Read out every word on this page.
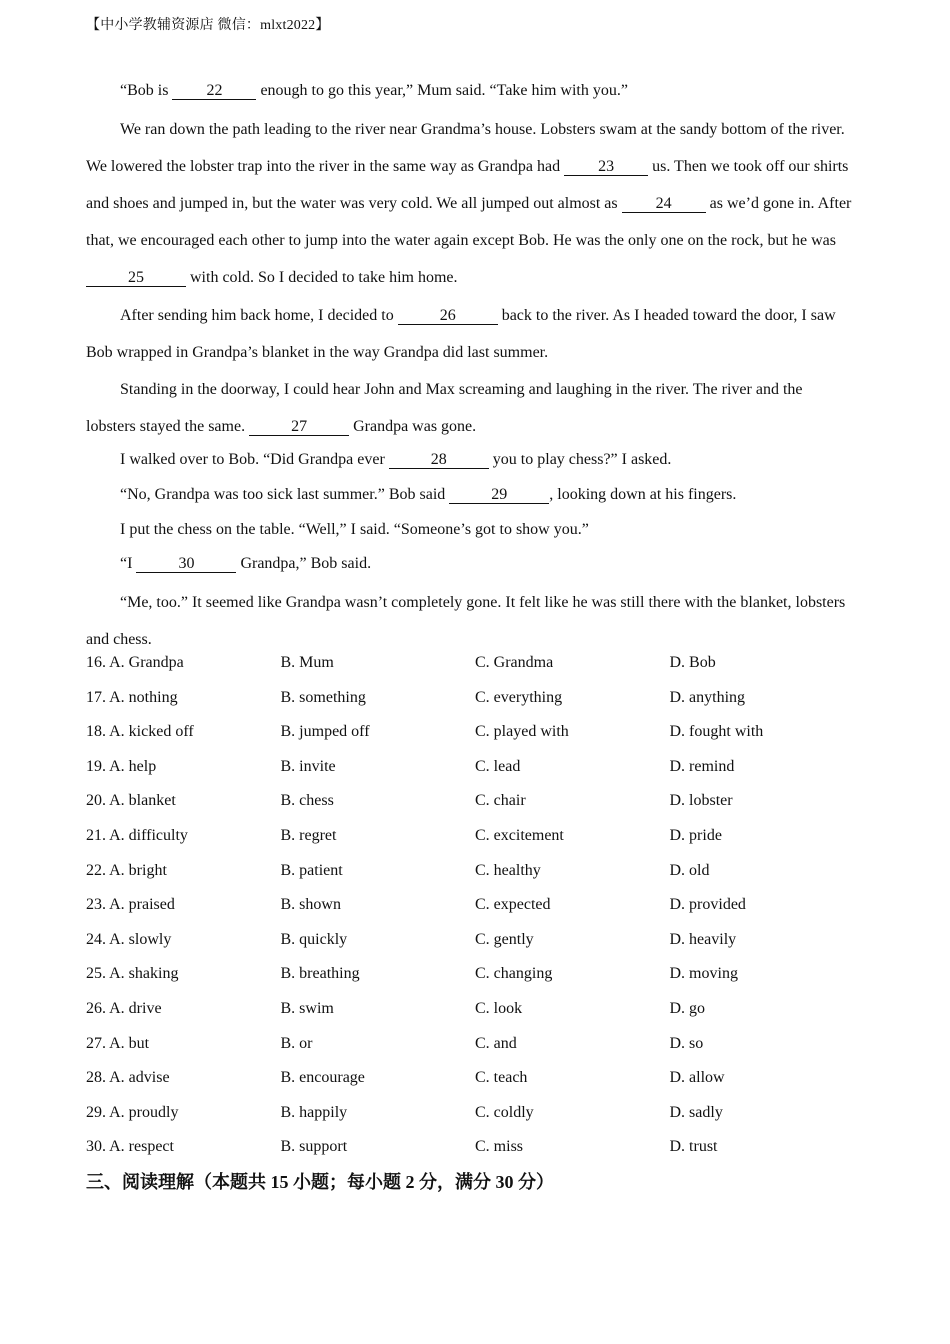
【中小学教辅资源店 微信：mlxt2022】

“Bob is 22 enough to go this year,” Mum said. “Take him with you.”

We ran down the path leading to the river near Grandma’s house. Lobsters swam at the sandy bottom of the river. We lowered the lobster trap into the river in the same way as Grandpa had 23 us. Then we took off our shirts and shoes and jumped in, but the water was very cold. We all jumped out almost as 24 as we’d gone in. After that, we encouraged each other to jump into the water again except Bob. He was the only one on the rock, but he was 25	with cold. So I decided to take him home.

After sending him back home, I decided to	26	back to the river. As I headed toward the door, I saw Bob wrapped in Grandpa’s blanket in the way Grandpa did last summer.

Standing in the doorway, I could hear John and Max screaming and laughing in the river. The river and the lobsters stayed the same.	27	Grandpa was gone.

I walked over to Bob. “Did Grandpa ever	28	you to play chess?” I asked.

“No, Grandpa was too sick last summer.” Bob said	29	, looking down at his fingers.

I put the chess on the table. “Well,” I said. “Someone’s got to show you.”

“I	30	Grandpa,” Bob said.

“Me, too.” It seemed like Grandpa wasn’t completely gone. It felt like he was still there with the blanket, lobsters and chess.

16. A. Grandpa	B. Mum	C. Grandma	D. Bob
17. A. nothing	B. something	C. everything	D. anything
18. A. kicked off	B. jumped off	C. played with	D. fought with
19. A. help	B. invite	C. lead	D. remind
20. A. blanket	B. chess	C. chair	D. lobster
21. A. difficulty	B. regret	C. excitement	D. pride
22. A. bright	B. patient	C. healthy	D. old
23. A. praised	B. shown	C. expected	D. provided
24. A. slowly	B. quickly	C. gently	D. heavily
25. A. shaking	B. breathing	C. changing	D. moving
26. A. drive	B. swim	C. look	D. go
27. A. but	B. or	C. and	D. so
28. A. advise	B. encourage	C. teach	D. allow
29. A. proudly	B. happily	C. coldly	D. sadly
30. A. respect	B. support	C. miss	D. trust
三、阅读理解（本题共 15 小题；每小题 2 分，满分 30 分）
